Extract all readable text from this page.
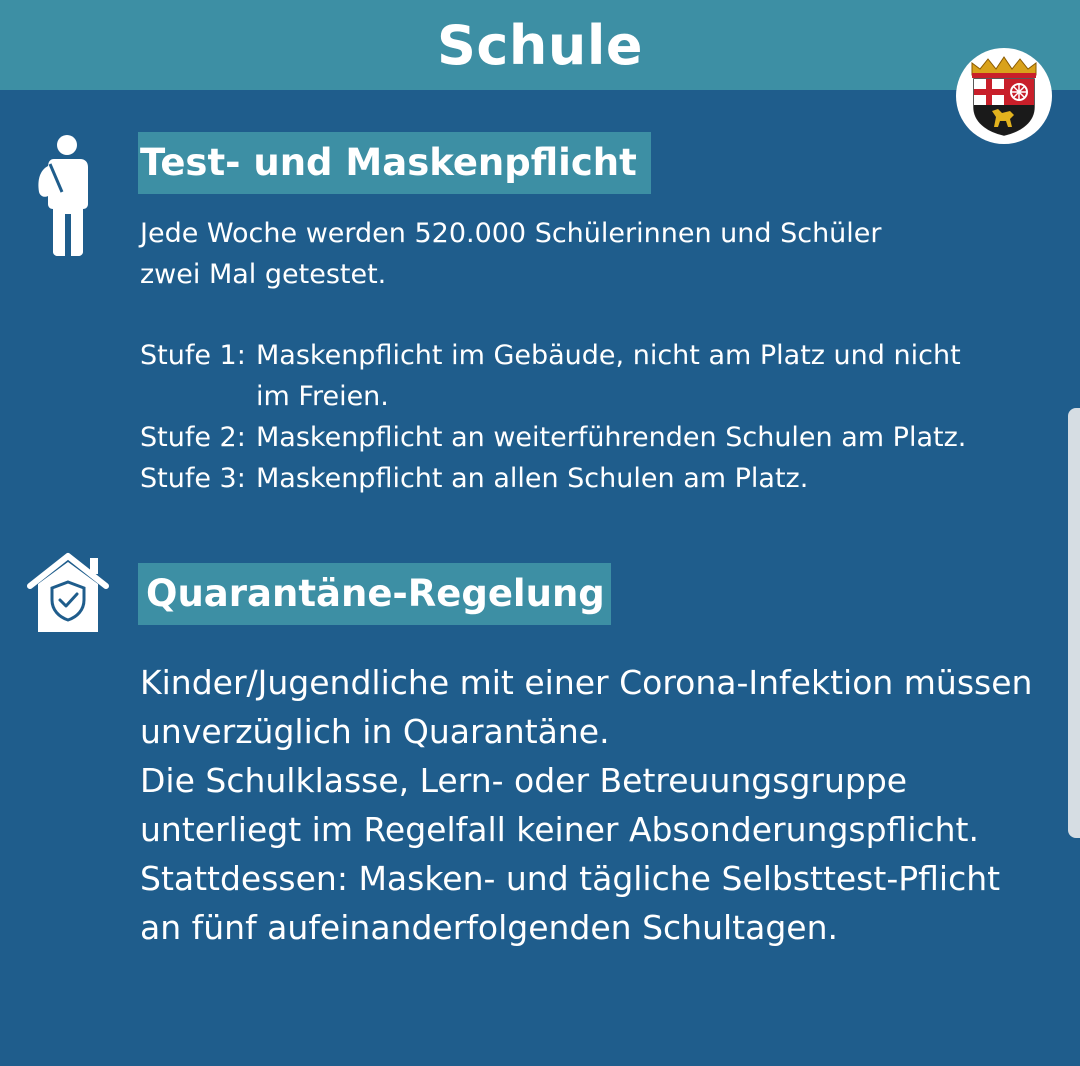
Schule
Test- und Maskenpflicht
Jede Woche werden 520.000 Schülerinnen und Schüler
zwei Mal getestet.
Stufe 1: Maskenpflicht im Gebäude, nicht am Platz und nicht
im Freien.
Stufe 2: Maskenpflicht an weiterführenden Schulen am Platz.
Stufe 3: Maskenpflicht an allen Schulen am Platz.
Quarantäne-Regelung
Kinder/Jugendliche mit einer Corona-Infektion müssen
unverzüglich in Quarantäne.
Die Schulklasse, Lern- oder Betreuungsgruppe
unterliegt im Regelfall keiner Absonderungspflicht.
Stattdessen: Masken- und tägliche Selbsttest-Pflicht
an fünf aufeinanderfolgenden Schultagen.
